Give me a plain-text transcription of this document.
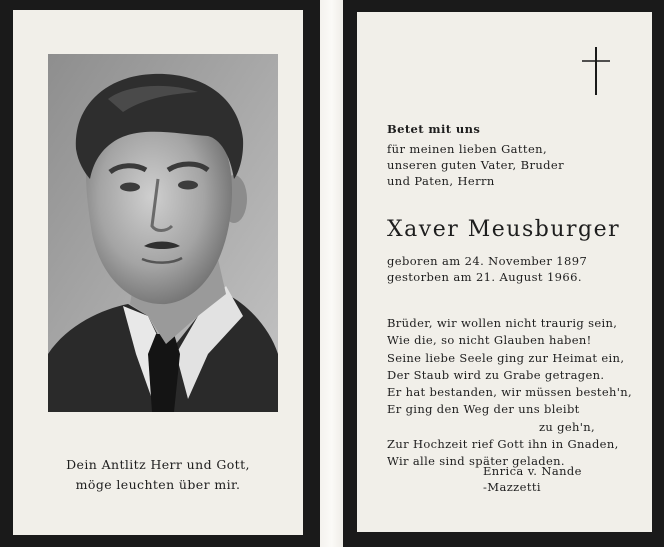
Dein Antlitz Herr und Gott,
möge leuchten über mir.
Betet mit uns
für meinen lieben Gatten,
unseren guten Vater, Bruder
und Paten, Herrn
Xaver Meusburger
geboren am 24. November 1897
gestorben am 21. August 1966.
Brüder, wir wollen nicht traurig sein,
Wie die, so nicht Glauben haben!
Seine liebe Seele ging zur Heimat ein,
Der Staub wird zu Grabe getragen.
Er hat bestanden, wir müssen besteh'n,
Er ging den Weg der uns bleibt
zu geh'n,
Zur Hochzeit rief Gott ihn in Gnaden,
Wir alle sind später geladen.
Enrica v. Nande
-Mazzetti
